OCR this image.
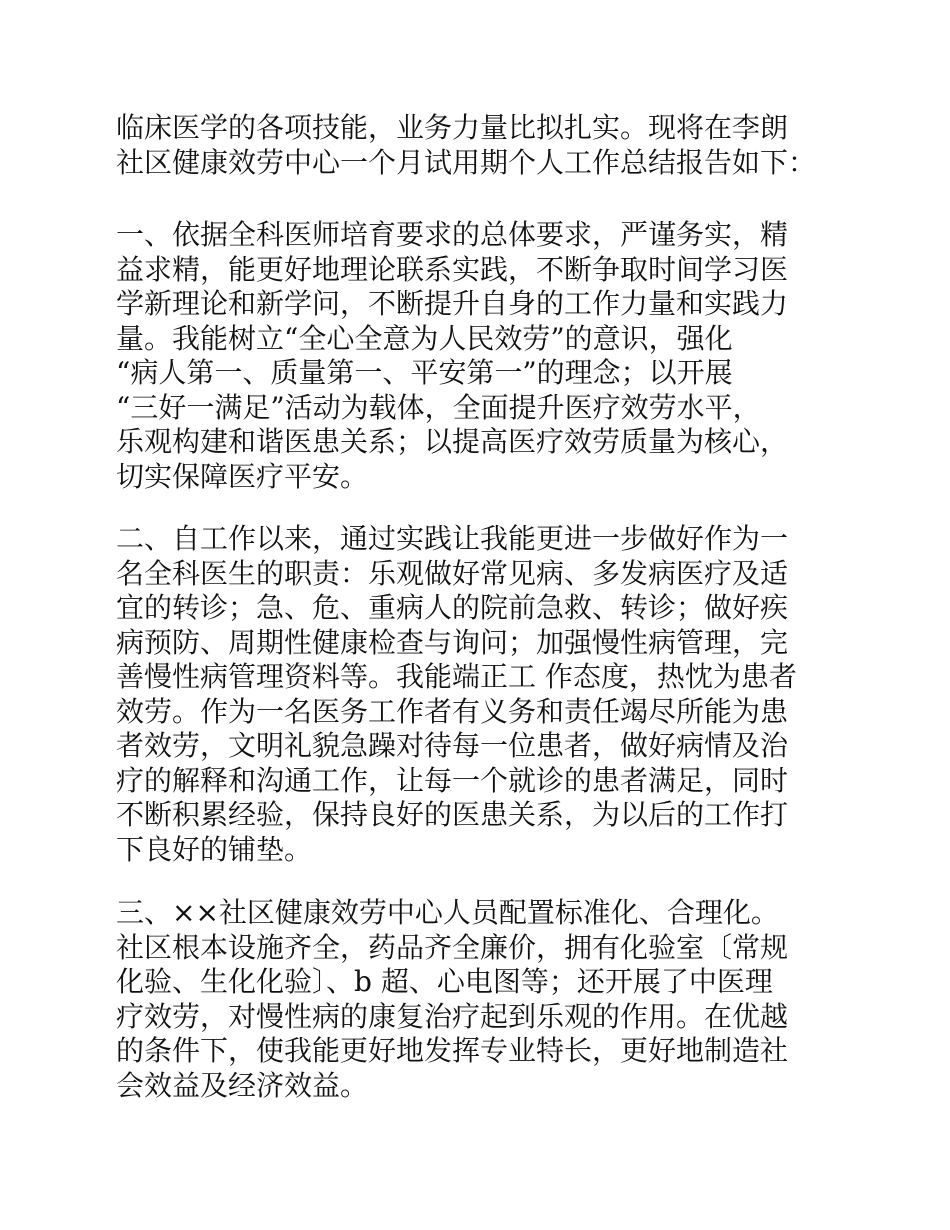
临床医学的各项技能，业务力量比拟扎实。现将在李朗
社区健康效劳中心一个月试用期个人工作总结报告如下：
一、依据全科医师培育要求的总体要求，严谨务实，精
益求精，能更好地理论联系实践，不断争取时间学习医
学新理论和新学问，不断提升自身的工作力量和实践力
量。我能树立“全心全意为人民效劳”的意识，强化
“病人第一、质量第一、平安第一”的理念；以开展
“三好一满足”活动为载体，全面提升医疗效劳水平，
乐观构建和谐医患关系；以提高医疗效劳质量为核心，
切实保障医疗平安。
二、自工作以来，通过实践让我能更进一步做好作为一
名全科医生的职责：乐观做好常见病、多发病医疗及适
宜的转诊；急、危、重病人的院前急救、转诊；做好疾
病预防、周期性健康检查与询问；加强慢性病管理，完
善慢性病管理资料等。我能端正工 作态度，热忱为患者
效劳。作为一名医务工作者有义务和责任竭尽所能为患
者效劳，文明礼貌急躁对待每一位患者，做好病情及治
疗的解释和沟通工作，让每一个就诊的患者满足，同时
不断积累经验，保持良好的医患关系，为以后的工作打
下良好的铺垫。
三、××社区健康效劳中心人员配置标准化、合理化。
社区根本设施齐全，药品齐全廉价，拥有化验室〔常规
化验、生化化验〕、b 超、心电图等；还开展了中医理
疗效劳，对慢性病的康复治疗起到乐观的作用。在优越
的条件下，使我能更好地发挥专业特长，更好地制造社
会效益及经济效益。
